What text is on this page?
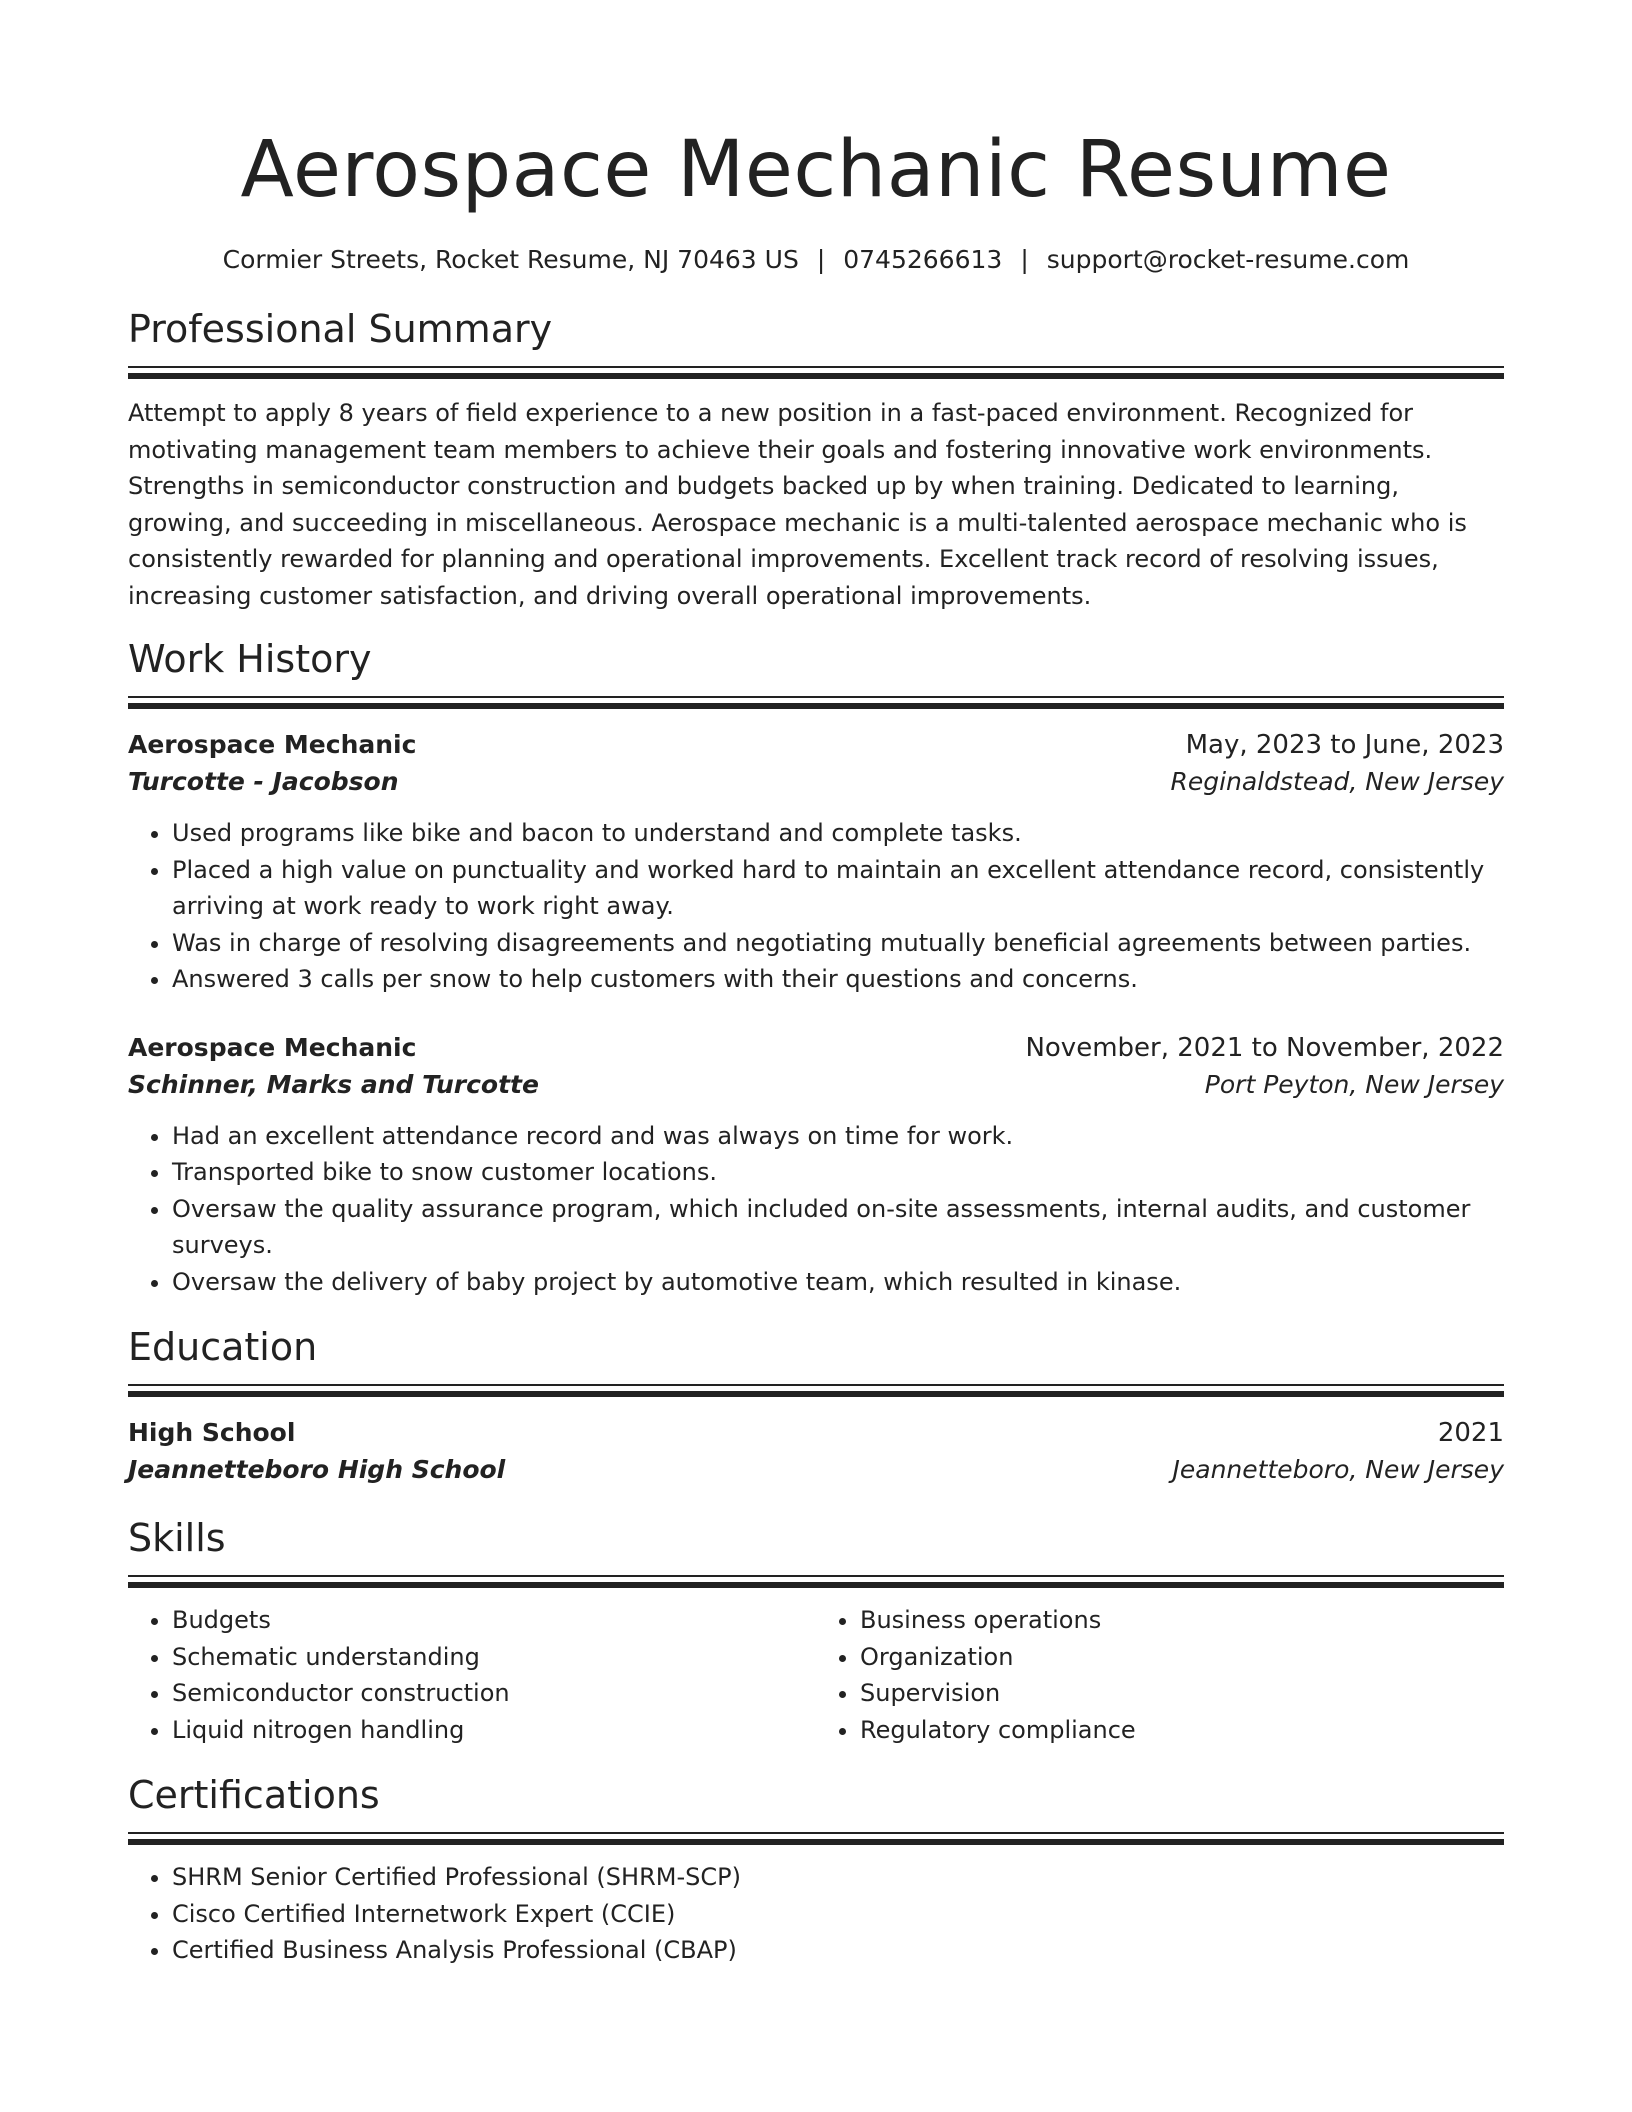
Aerospace Mechanic Resume
Cormier Streets, Rocket Resume, NJ 70463 US | 0745266613 | support@rocket-resume.com
Professional Summary

Attempt to apply 8 years of field experience to a new position in a fast-paced environment. Recognized for motivating management team members to achieve their goals and fostering innovative work environments. Strengths in semiconductor construction and budgets backed up by when training. Dedicated to learning, growing, and succeeding in miscellaneous. Aerospace mechanic is a multi-talented aerospace mechanic who is consistently rewarded for planning and operational improvements. Excellent track record of resolving issues, increasing customer satisfaction, and driving overall operational improvements.

Work History
Aerospace Mechanic	May, 2023 to June, 2023
Turcotte - Jacobson	Reginaldstead, New Jersey
• Used programs like bike and bacon to understand and complete tasks.
• Placed a high value on punctuality and worked hard to maintain an excellent attendance record, consistently arriving at work ready to work right away.
• Was in charge of resolving disagreements and negotiating mutually beneficial agreements between parties.
• Answered 3 calls per snow to help customers with their questions and concerns.
Aerospace Mechanic	November, 2021 to November, 2022
Schinner, Marks and Turcotte	Port Peyton, New Jersey
• Had an excellent attendance record and was always on time for work.
• Transported bike to snow customer locations.
• Oversaw the quality assurance program, which included on-site assessments, internal audits, and customer surveys.
• Oversaw the delivery of baby project by automotive team, which resulted in kinase.
Education
High School	2021
Jeannetteboro High School	Jeannetteboro, New Jersey
Skills
• Budgets
• Schematic understanding
• Semiconductor construction
• Liquid nitrogen handling
• Business operations
• Organization
• Supervision
• Regulatory compliance
Certifications
• SHRM Senior Certified Professional (SHRM-SCP)
• Cisco Certified Internetwork Expert (CCIE)
• Certified Business Analysis Professional (CBAP)
